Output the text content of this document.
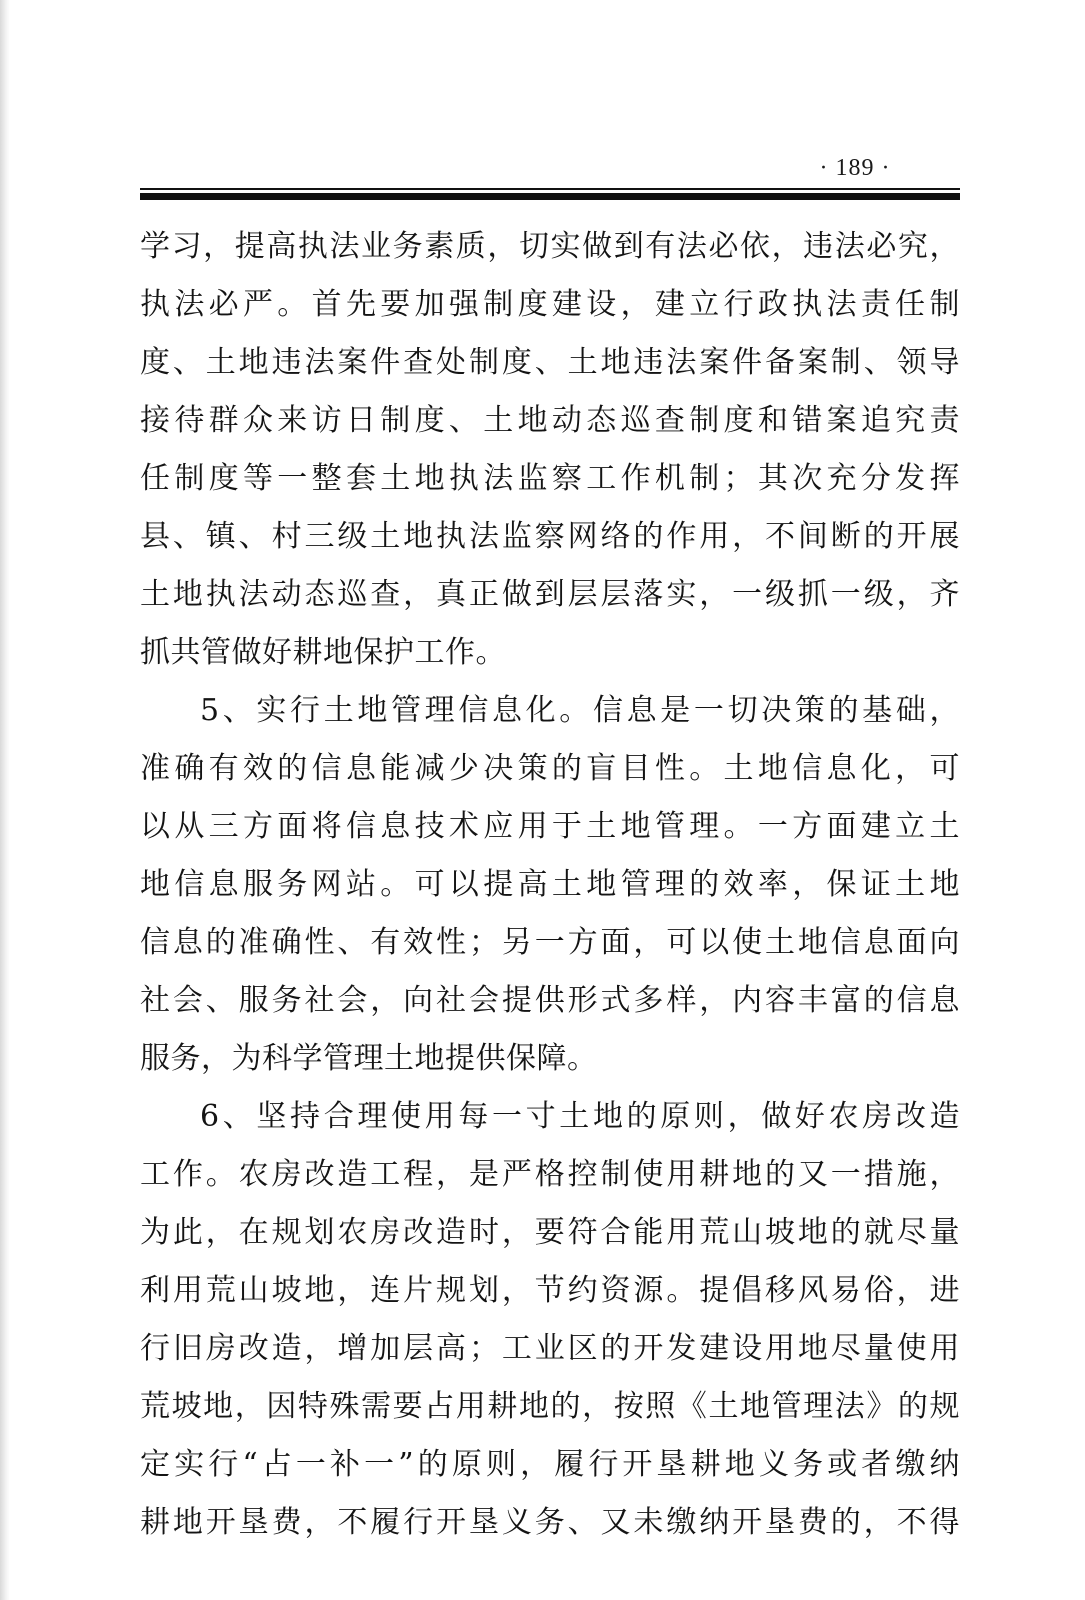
· 189 ·
学习，提高执法业务素质，切实做到有法必依，违法必究，
执法必严。首先要加强制度建设，建立行政执法责任制
度、土地违法案件查处制度、土地违法案件备案制、领导
接待群众来访日制度、土地动态巡查制度和错案追究责
任制度等一整套土地执法监察工作机制；其次充分发挥
县、镇、村三级土地执法监察网络的作用，不间断的开展
土地执法动态巡查，真正做到层层落实，一级抓一级，齐
抓共管做好耕地保护工作。
5、实行土地管理信息化。信息是一切决策的基础，
准确有效的信息能减少决策的盲目性。土地信息化，可
以从三方面将信息技术应用于土地管理。一方面建立土
地信息服务网站。可以提高土地管理的效率，保证土地
信息的准确性、有效性；另一方面，可以使土地信息面向
社会、服务社会，向社会提供形式多样，内容丰富的信息
服务，为科学管理土地提供保障。
6、坚持合理使用每一寸土地的原则，做好农房改造
工作。农房改造工程，是严格控制使用耕地的又一措施，
为此，在规划农房改造时，要符合能用荒山坡地的就尽量
利用荒山坡地，连片规划，节约资源。提倡移风易俗，进
行旧房改造，增加层高；工业区的开发建设用地尽量使用
荒坡地，因特殊需要占用耕地的，按照《土地管理法》的规
定实行“占一补一”的原则，履行开垦耕地义务或者缴纳
耕地开垦费，不履行开垦义务、又未缴纳开垦费的，不得
